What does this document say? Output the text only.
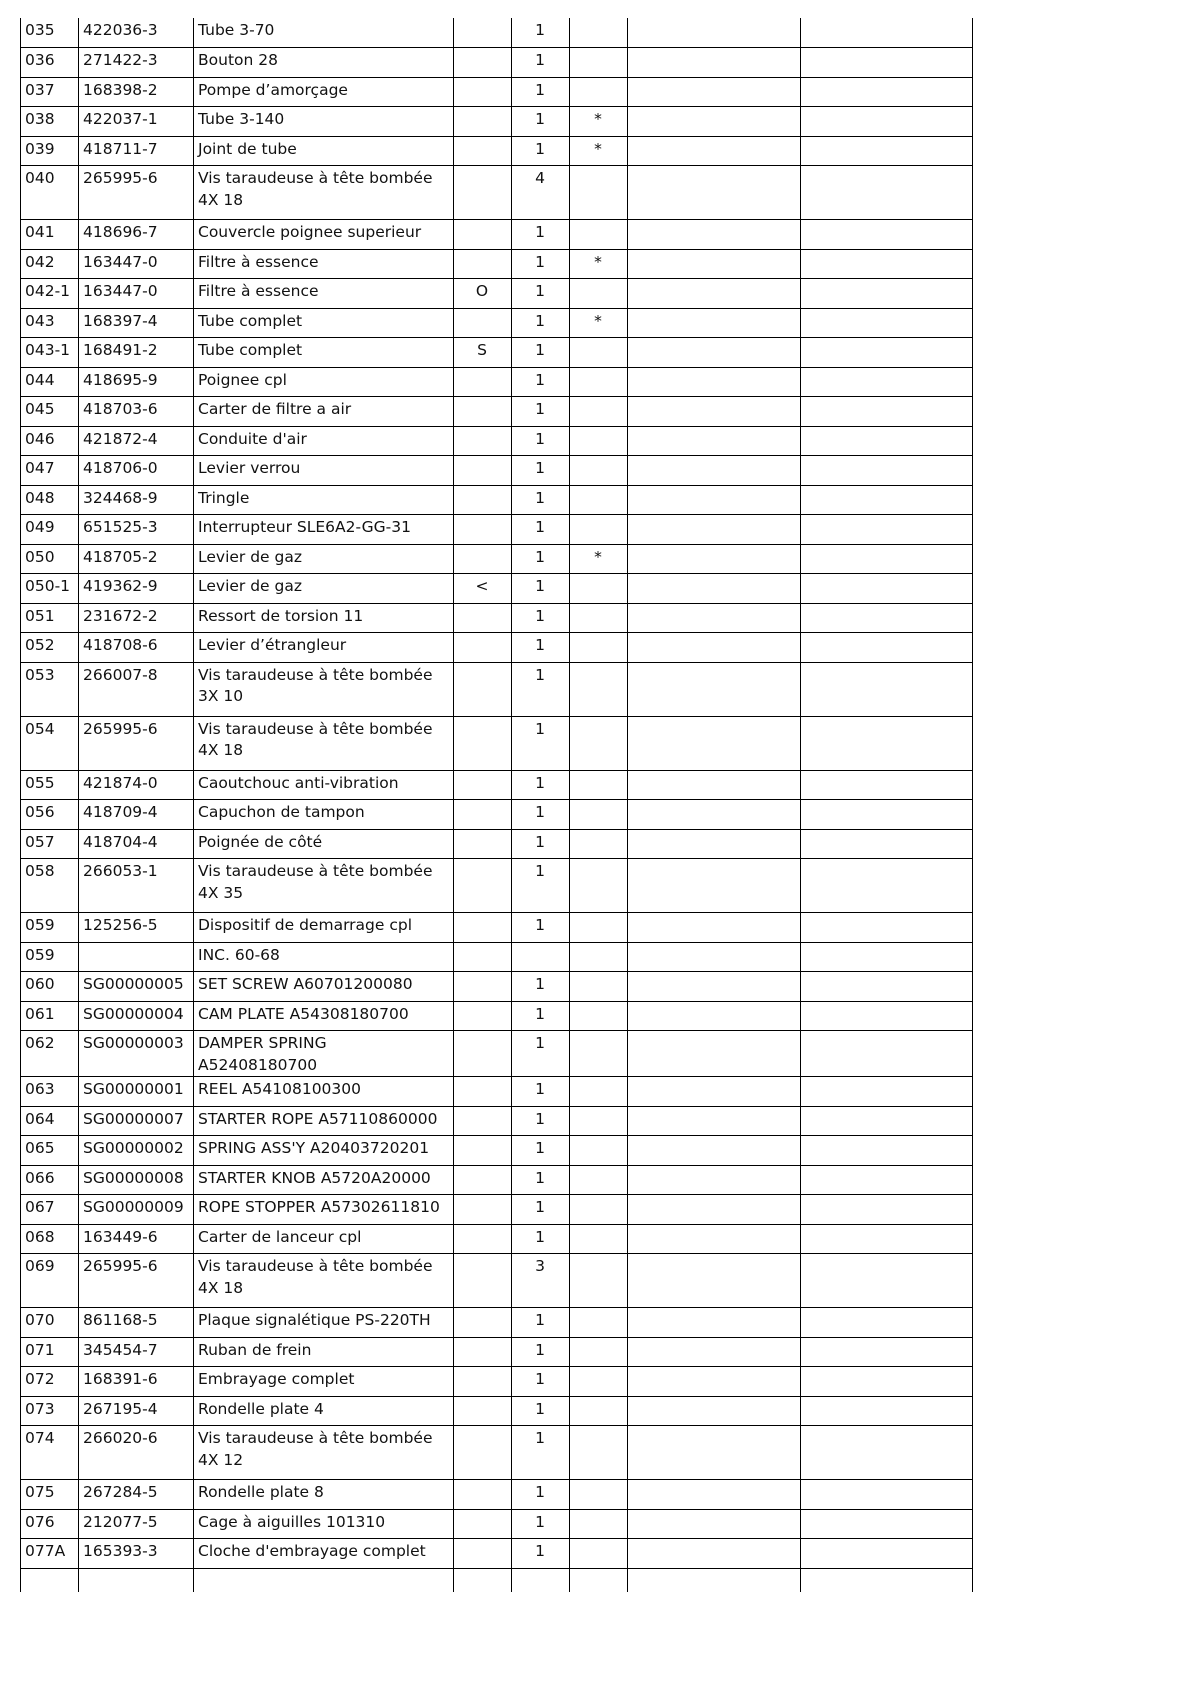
035	422036-3	Tube 3-70		1			
036	271422-3	Bouton 28		1			
037	168398-2	Pompe d’amorçage		1			
038	422037-1	Tube 3-140		1	*		
039	418711-7	Joint de tube		1	*		
040	265995-6	Vis taraudeuse à tête bombée 4X 18		4			
041	418696-7	Couvercle poignee superieur		1			
042	163447-0	Filtre à essence		1	*		
042-1	163447-0	Filtre à essence	O	1			
043	168397-4	Tube complet		1	*		
043-1	168491-2	Tube complet	S	1			
044	418695-9	Poignee cpl		1			
045	418703-6	Carter de filtre a air		1			
046	421872-4	Conduite d'air		1			
047	418706-0	Levier verrou		1			
048	324468-9	Tringle		1			
049	651525-3	Interrupteur SLE6A2-GG-31		1			
050	418705-2	Levier de gaz		1	*		
050-1	419362-9	Levier de gaz	<	1			
051	231672-2	Ressort de torsion 11		1			
052	418708-6	Levier d’étrangleur		1			
053	266007-8	Vis taraudeuse à tête bombée 3X 10		1			
054	265995-6	Vis taraudeuse à tête bombée 4X 18		1			
055	421874-0	Caoutchouc anti-vibration		1			
056	418709-4	Capuchon de tampon		1			
057	418704-4	Poignée de côté		1			
058	266053-1	Vis taraudeuse à tête bombée 4X 35		1			
059	125256-5	Dispositif de demarrage cpl		1			
059		INC. 60-68					
060	SG00000005	SET SCREW A60701200080		1			
061	SG00000004	CAM PLATE A54308180700		1			
062	SG00000003	DAMPER SPRING A52408180700		1			
063	SG00000001	REEL A54108100300		1			
064	SG00000007	STARTER ROPE A57110860000		1			
065	SG00000002	SPRING ASS'Y A20403720201		1			
066	SG00000008	STARTER KNOB A5720A20000		1			
067	SG00000009	ROPE STOPPER A57302611810		1			
068	163449-6	Carter de lanceur cpl		1			
069	265995-6	Vis taraudeuse à tête bombée 4X 18		3			
070	861168-5	Plaque signalétique PS-220TH		1			
071	345454-7	Ruban de frein		1			
072	168391-6	Embrayage complet		1			
073	267195-4	Rondelle plate 4		1			
074	266020-6	Vis taraudeuse à tête bombée 4X 12		1			
075	267284-5	Rondelle plate 8		1			
076	212077-5	Cage à aiguilles 101310		1			
077A	165393-3	Cloche d'embrayage complet		1			
